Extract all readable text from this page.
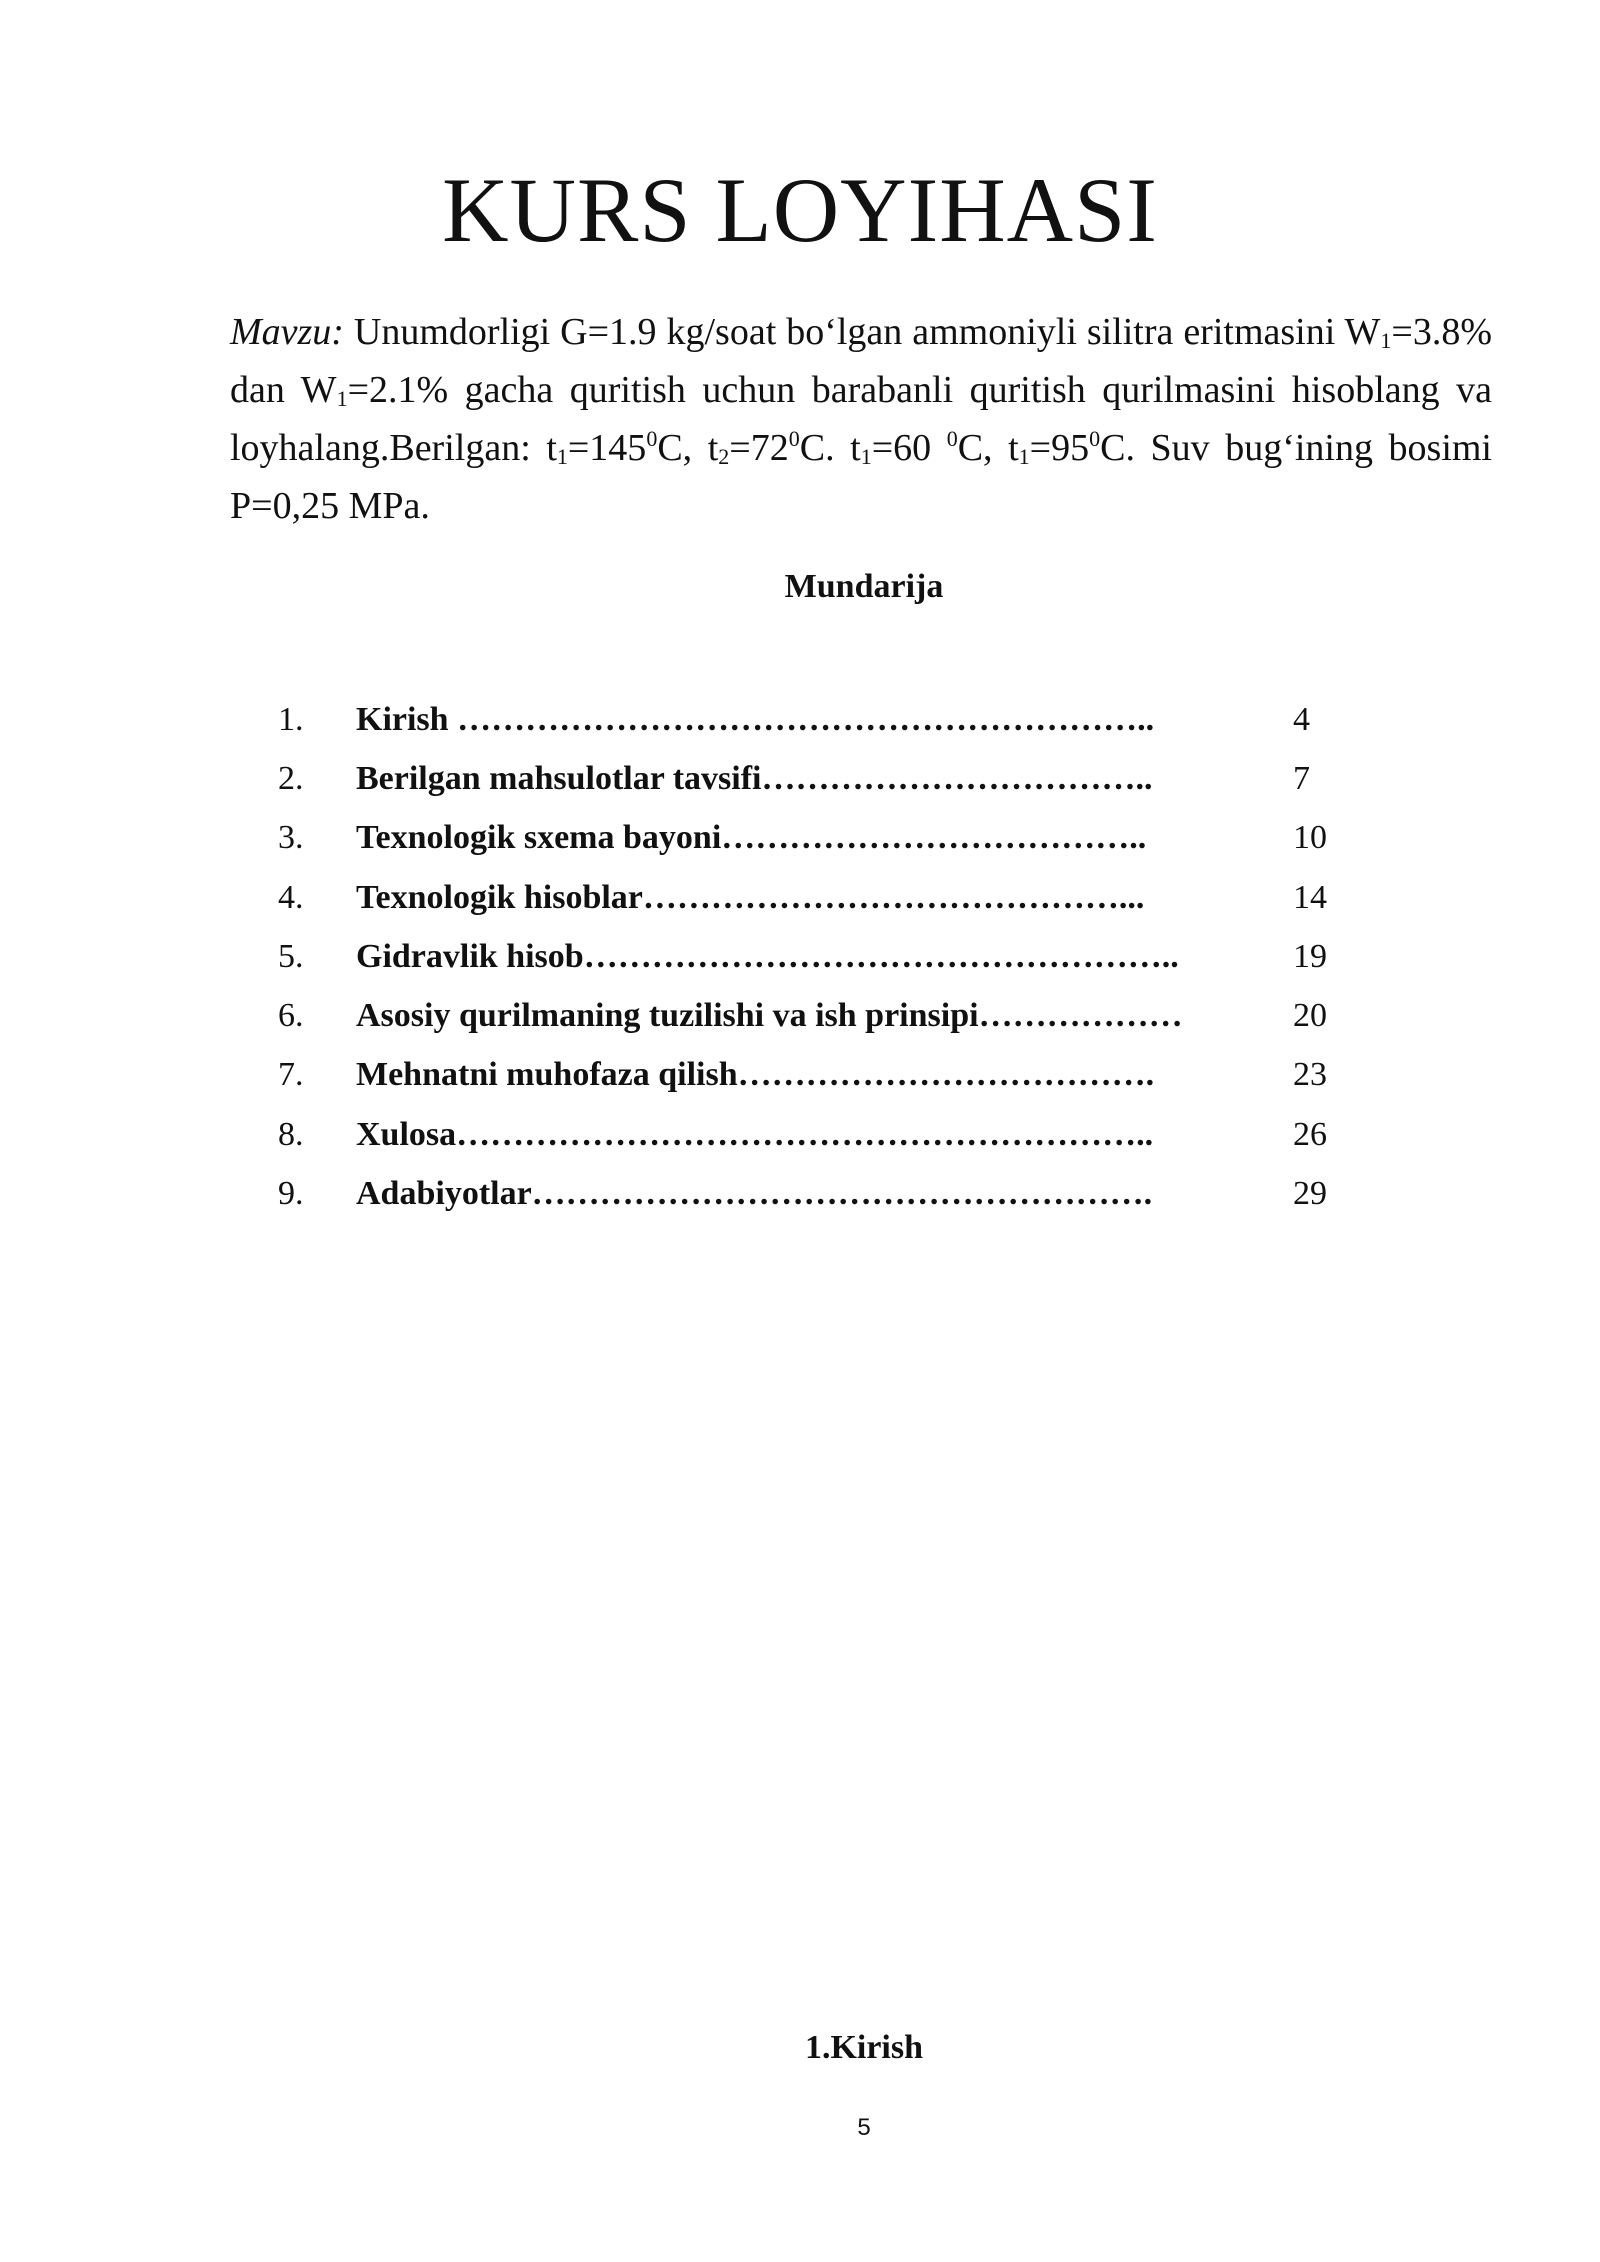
KURS LOYIHASI

Mavzu: Unumdorligi G=1.9 kg/soat bo‘lgan ammoniyli silitra eritmasini $W_1=3.8\%$ dan $W_1=2.1\%$ gacha quritish uchun barabanli quritish qurilmasini hisoblang va loyhalang.Berilgan: $t_1=145^0C$, $t_2=72^0C$. $t_1=60$ $^0$C, $t_1=95^0C$. Suv bug‘ining bosimi P=0,25 MPa.

Mundarija
1.	Kirish ……………………………………………………..	4
2.	Berilgan mahsulotlar tavsifi……………………………..	7
3.	Texnologik sxema bayoni………………………………..	10
4.	Texnologik hisoblar……………………………………...	14
5.	Gidravlik hisob……………………………………………..	19
6.	Asosiy qurilmaning tuzilishi va ish prinsipi………………	20
7.	Mehnatni muhofaza qilish……………………………….	23
8.	Xulosa……………………………………………………..	26
9.	Adabiyotlar……………………………………………….	29
1.Kirish
5
